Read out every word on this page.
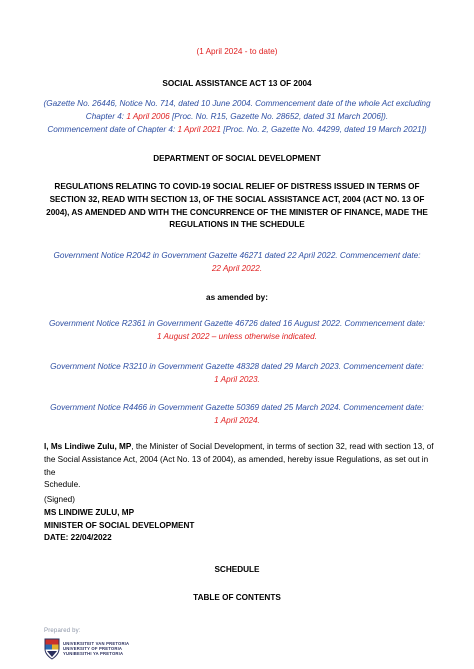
(1 April 2024 - to date)
SOCIAL ASSISTANCE ACT 13 OF 2004
(Gazette No. 26446, Notice No. 714, dated 10 June 2004. Commencement date of the whole Act excluding
Chapter 4: 1 April 2006 [Proc. No. R15, Gazette No. 28652, dated 31 March 2006]).
Commencement date of Chapter 4: 1 April 2021 [Proc. No. 2, Gazette No. 44299, dated 19 March 2021])
DEPARTMENT OF SOCIAL DEVELOPMENT
REGULATIONS RELATING TO COVID-19 SOCIAL RELIEF OF DISTRESS ISSUED IN TERMS OF
SECTION 32, READ WITH SECTION 13, OF THE SOCIAL ASSISTANCE ACT, 2004 (ACT NO. 13 OF
2004), AS AMENDED AND WITH THE CONCURRENCE OF THE MINISTER OF FINANCE, MADE THE
REGULATIONS IN THE SCHEDULE
Government Notice R2042 in Government Gazette 46271 dated 22 April 2022. Commencement date:
22 April 2022.
as amended by:
Government Notice R2361 in Government Gazette 46726 dated 16 August 2022. Commencement date:
1 August 2022 – unless otherwise indicated.
Government Notice R3210 in Government Gazette 48328 dated 29 March 2023. Commencement date:
1 April 2023.
Government Notice R4466 in Government Gazette 50369 dated 25 March 2024. Commencement date:
1 April 2024.
I, Ms Lindiwe Zulu, MP, the Minister of Social Development, in terms of section 32, read with section 13, of
the Social Assistance Act, 2004 (Act No. 13 of 2004), as amended, hereby issue Regulations, as set out in the
Schedule.
(Signed)
MS LINDIWE ZULU, MP
MINISTER OF SOCIAL DEVELOPMENT
DATE: 22/04/2022
SCHEDULE
TABLE OF CONTENTS
Prepared by:
UNIVERSITEIT VAN PRETORIA
UNIVERSITY OF PRETORIA
YUNIBESITHI YA PRETORIA
